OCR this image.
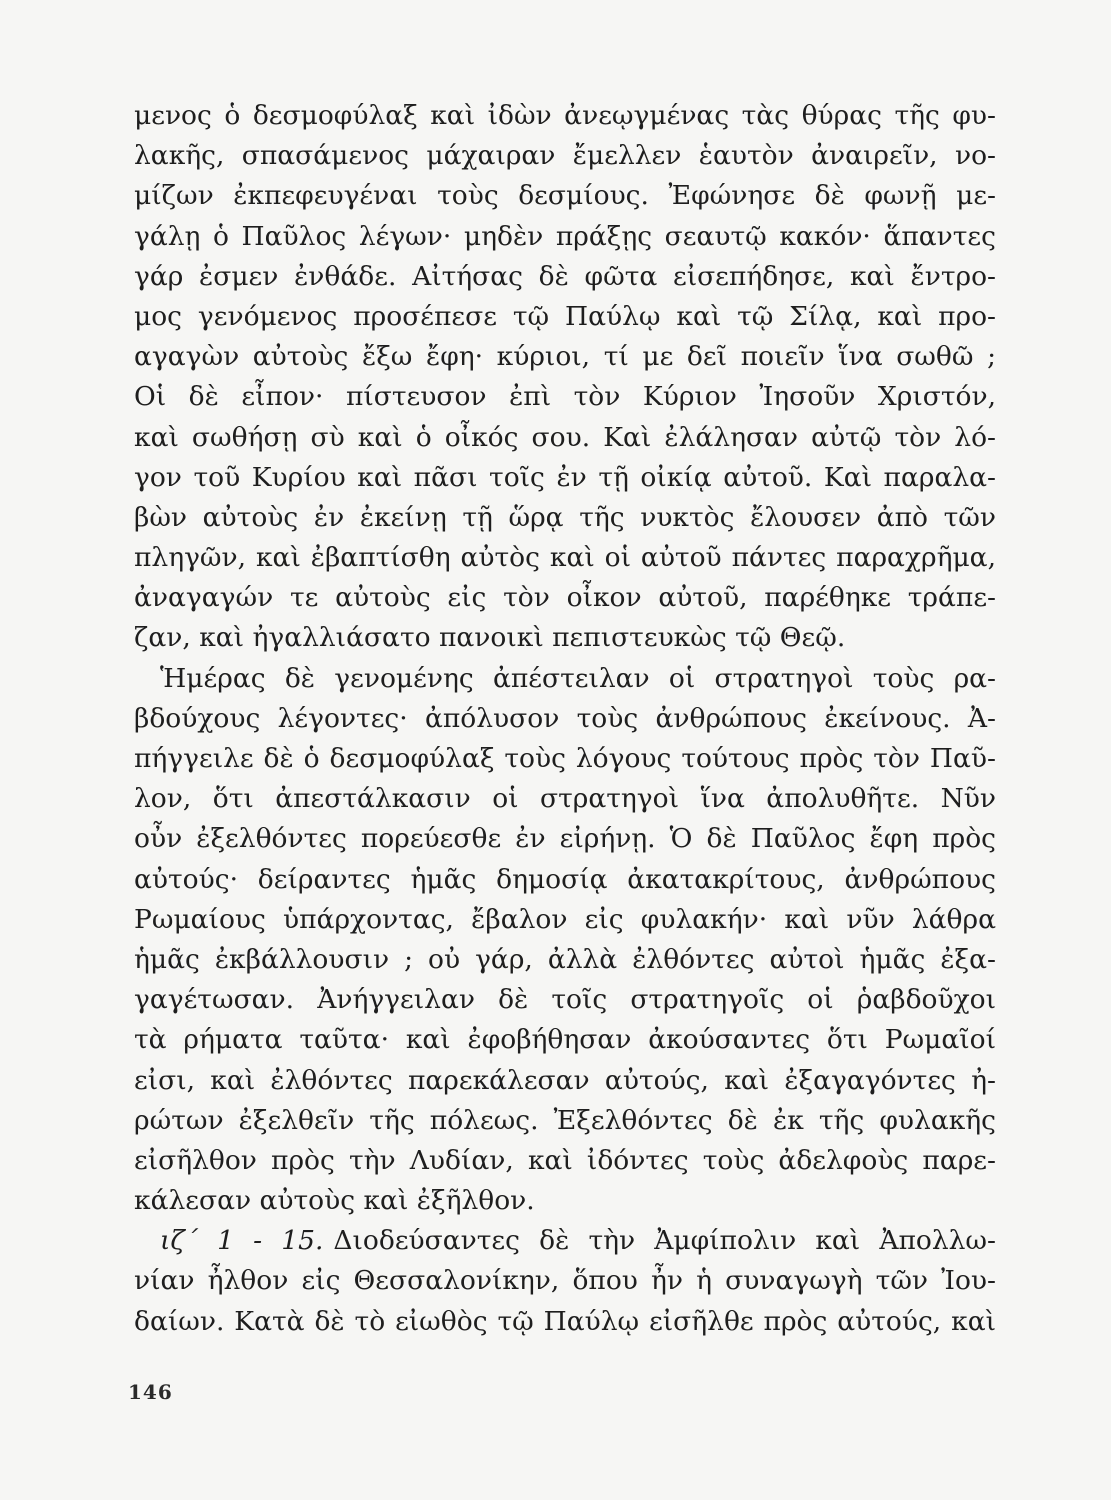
μενος ὁ δεσμοφύλαξ καὶ ἰδὼν ἀνεῳγμένας τὰς θύρας τῆς φυ-
λακῆς, σπασάμενος μάχαιραν ἔμελλεν ἑαυτὸν ἀναιρεῖν, νο-
μίζων ἐκπεφευγέναι τοὺς δεσμίους. Ἐφώνησε δὲ φωνῇ με-
γάλῃ ὁ Παῦλος λέγων· μηδὲν πράξῃς σεαυτῷ κακόν· ἅπαντες
γάρ ἐσμεν ἐνθάδε. Αἰτήσας δὲ φῶτα εἰσεπήδησε, καὶ ἔντρο-
μος γενόμενος προσέπεσε τῷ Παύλῳ καὶ τῷ Σίλᾳ, καὶ προ-
αγαγὼν αὐτοὺς ἔξω ἔφη· κύριοι, τί με δεῖ ποιεῖν ἵνα σωθῶ ;
Οἱ δὲ εἶπον· πίστευσον ἐπὶ τὸν Κύριον Ἰησοῦν Χριστόν,
καὶ σωθήσῃ σὺ καὶ ὁ οἶκός σου. Καὶ ἐλάλησαν αὐτῷ τὸν λό-
γον τοῦ Κυρίου καὶ πᾶσι τοῖς ἐν τῇ οἰκίᾳ αὐτοῦ. Καὶ παραλα-
βὼν αὐτοὺς ἐν ἐκείνῃ τῇ ὥρᾳ τῆς νυκτὸς ἔλουσεν ἀπὸ τῶν
πληγῶν, καὶ ἐβαπτίσθη αὐτὸς καὶ οἱ αὐτοῦ πάντες παραχρῆμα,
ἀναγαγών τε αὐτοὺς εἰς τὸν οἶκον αὐτοῦ, παρέθηκε τράπε-
ζαν, καὶ ἠγαλλιάσατο πανοικὶ πεπιστευκὼς τῷ Θεῷ.
Ἡμέρας δὲ γενομένης ἀπέστειλαν οἱ στρατηγοὶ τοὺς ρα-
βδούχους λέγοντες· ἀπόλυσον τοὺς ἀνθρώπους ἐκείνους. Ἀ-
πήγγειλε δὲ ὁ δεσμοφύλαξ τοὺς λόγους τούτους πρὸς τὸν Παῦ-
λον, ὅτι ἀπεστάλκασιν οἱ στρατηγοὶ ἵνα ἀπολυθῆτε. Νῦν
οὖν ἐξελθόντες πορεύεσθε ἐν εἰρήνῃ. Ὁ δὲ Παῦλος ἔφη πρὸς
αὐτούς· δείραντες ἡμᾶς δημοσίᾳ ἀκατακρίτους, ἀνθρώπους
Ρωμαίους ὑπάρχοντας, ἔβαλον εἰς φυλακήν· καὶ νῦν λάθρα
ἡμᾶς ἐκβάλλουσιν ; οὐ γάρ, ἀλλὰ ἐλθόντες αὐτοὶ ἡμᾶς ἐξα-
γαγέτωσαν. Ἀνήγγειλαν δὲ τοῖς στρατηγοῖς οἱ ῥαβδοῦχοι
τὰ ρήματα ταῦτα· καὶ ἐφοβήθησαν ἀκούσαντες ὅτι Ρωμαῖοί
εἰσι, καὶ ἐλθόντες παρεκάλεσαν αὐτούς, καὶ ἐξαγαγόντες ἠ-
ρώτων ἐξελθεῖν τῆς πόλεως. Ἐξελθόντες δὲ ἐκ τῆς φυλακῆς
εἰσῆλθον πρὸς τὴν Λυδίαν, καὶ ἰδόντες τοὺς ἀδελφοὺς παρε-
κάλεσαν αὐτοὺς καὶ ἐξῆλθον.
ιζ΄ 1 - 15. Διοδεύσαντες δὲ τὴν Ἀμφίπολιν καὶ Ἀπολλω-
νίαν ἦλθον εἰς Θεσσαλονίκην, ὅπου ἦν ἡ συναγωγὴ τῶν Ἰου-
δαίων. Κατὰ δὲ τὸ εἰωθὸς τῷ Παύλῳ εἰσῆλθε πρὸς αὐτούς, καὶ
146
